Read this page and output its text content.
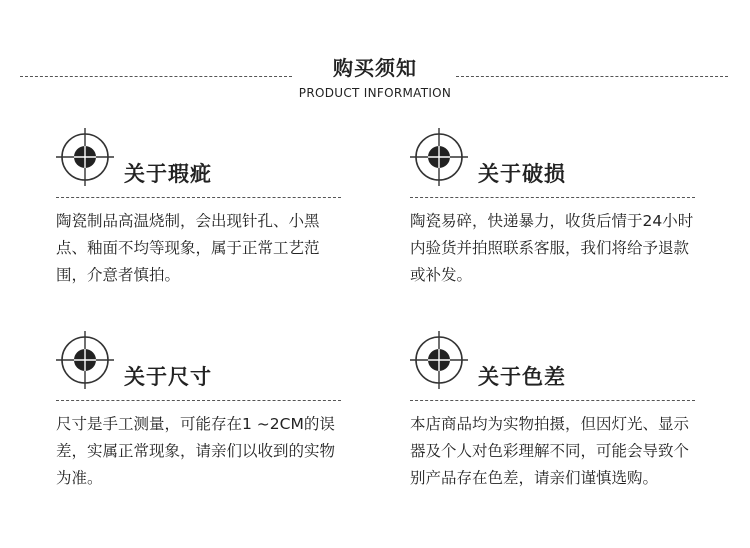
购买须知
PRODUCT INFORMATION
关于瑕疵
陶瓷制品高温烧制，会出现针孔、小黑点、釉面不均等现象，属于正常工艺范围，介意者慎拍。
关于破损
陶瓷易碎，快递暴力，收货后情于24小时内验货并拍照联系客服，我们将给予退款或补发。
关于尺寸
尺寸是手工测量，可能存在1 ~2CM的误差，实属正常现象，请亲们以收到的实物为准。
关于色差
本店商品均为实物拍摄，但因灯光、显示器及个人对色彩理解不同，可能会导致个别产品存在色差，请亲们谨慎选购。
